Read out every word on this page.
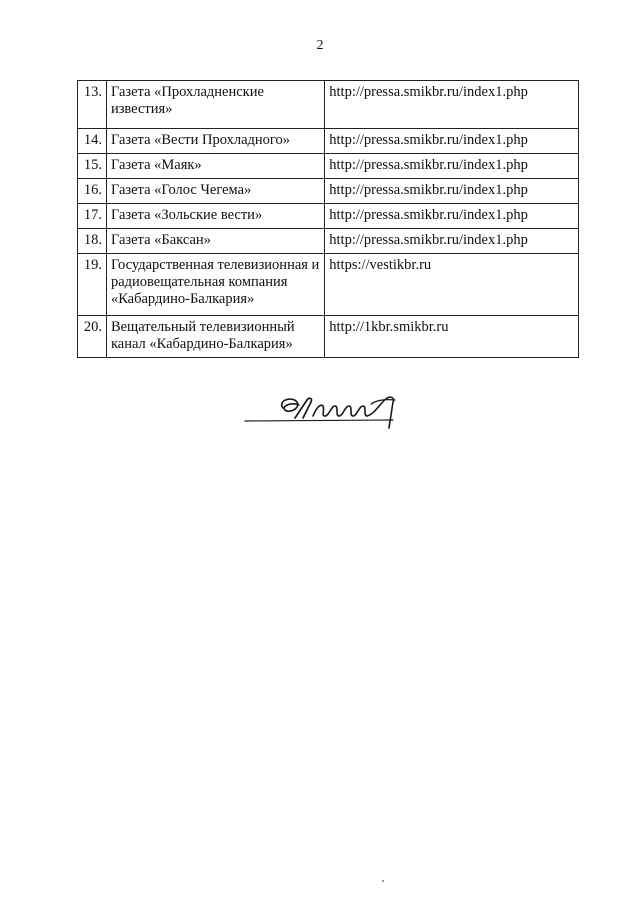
2
13.	Газета «Прохладненские известия»	http://pressa.smikbr.ru/index1.php
14.	Газета «Вести Прохладного»	http://pressa.smikbr.ru/index1.php
15.	Газета «Маяк»	http://pressa.smikbr.ru/index1.php
16.	Газета «Голос Чегема»	http://pressa.smikbr.ru/index1.php
17.	Газета «Зольские вести»	http://pressa.smikbr.ru/index1.php
18.	Газета «Баксан»	http://pressa.smikbr.ru/index1.php
19.	Государственная телевизионная и радиовещательная компания «Кабардино-Балкария»	https://vestikbr.ru
20.	Вещательный телевизионный канал «Кабардино-Балкария»	http://1kbr.smikbr.ru
